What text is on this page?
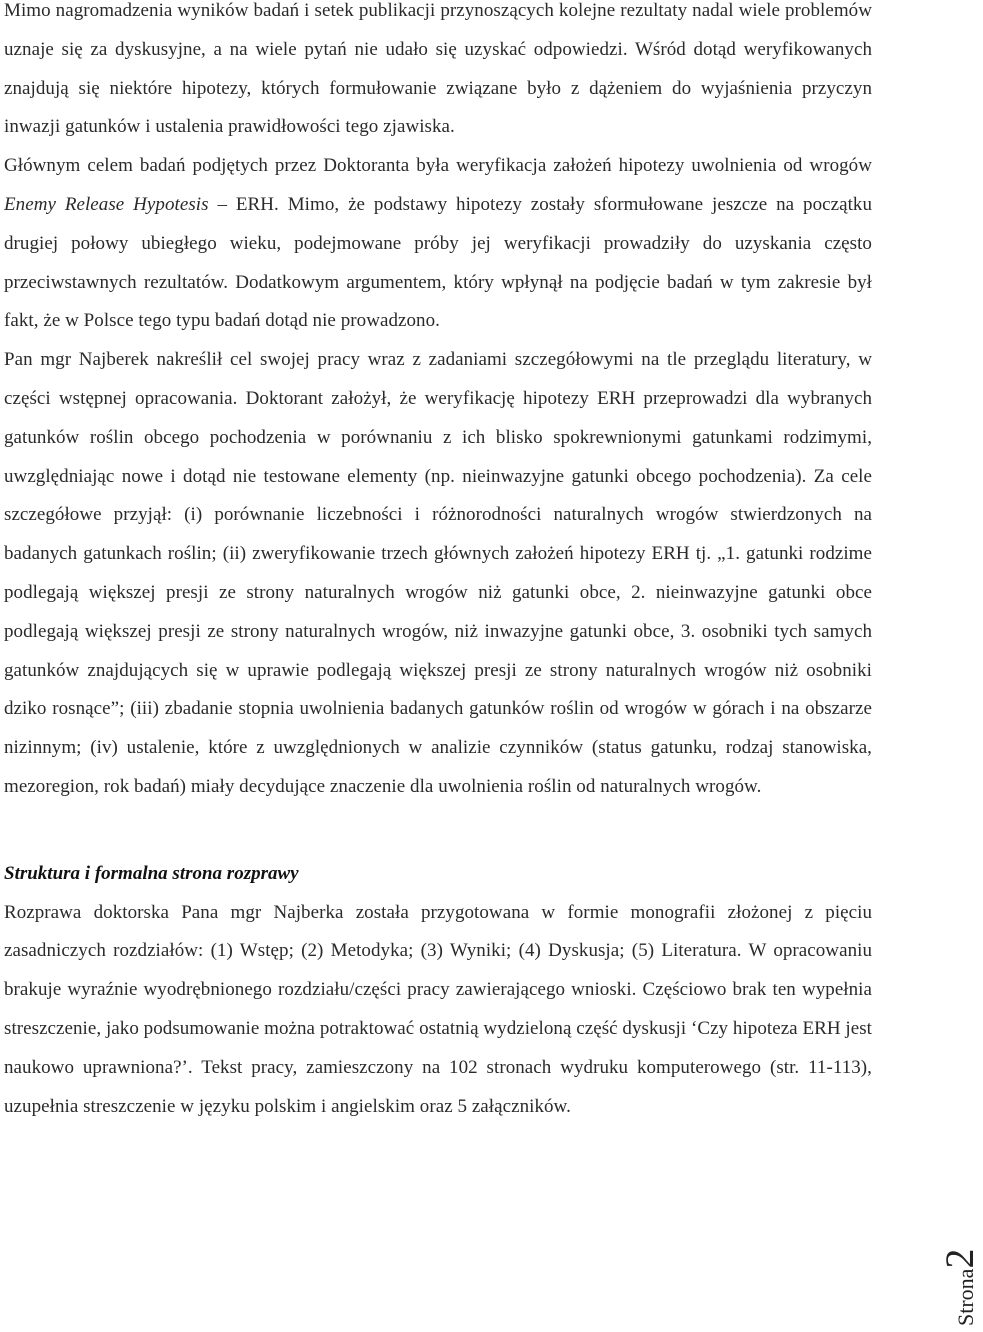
Mimo nagromadzenia wyników badań i setek publikacji przynoszących kolejne rezultaty nadal wiele problemów uznaje się za dyskusyjne, a na wiele pytań nie udało się uzyskać odpowiedzi. Wśród dotąd weryfikowanych znajdują się niektóre hipotezy, których formułowanie związane było z dążeniem do wyjaśnienia przyczyn inwazji gatunków i ustalenia prawidłowości tego zjawiska.

Głównym celem badań podjętych przez Doktoranta była weryfikacja założeń hipotezy uwolnienia od wrogów Enemy Release Hypotesis – ERH. Mimo, że podstawy hipotezy zostały sformułowane jeszcze na początku drugiej połowy ubiegłego wieku, podejmowane próby jej weryfikacji prowadziły do uzyskania często przeciwstawnych rezultatów. Dodatkowym argumentem, który wpłynął na podjęcie badań w tym zakresie był fakt, że w Polsce tego typu badań dotąd nie prowadzono.

Pan mgr Najberek nakreślił cel swojej pracy wraz z zadaniami szczegółowymi na tle przeglądu literatury, w części wstępnej opracowania. Doktorant założył, że weryfikację hipotezy ERH przeprowadzi dla wybranych gatunków roślin obcego pochodzenia w porównaniu z ich blisko spokrewnionymi gatunkami rodzimymi, uwzględniając nowe i dotąd nie testowane elementy (np. nieinwazyjne gatunki obcego pochodzenia). Za cele szczegółowe przyjął: (i) porównanie liczebności i różnorodności naturalnych wrogów stwierdzonych na badanych gatunkach roślin; (ii) zweryfikowanie trzech głównych założeń hipotezy ERH tj. „1. gatunki rodzime podlegają większej presji ze strony naturalnych wrogów niż gatunki obce, 2. nieinwazyjne gatunki obce podlegają większej presji ze strony naturalnych wrogów, niż inwazyjne gatunki obce, 3. osobniki tych samych gatunków znajdujących się w uprawie podlegają większej presji ze strony naturalnych wrogów niż osobniki dziko rosnące”; (iii) zbadanie stopnia uwolnienia badanych gatunków roślin od wrogów w górach i na obszarze nizinnym; (iv) ustalenie, które z uwzględnionych w analizie czynników (status gatunku, rodzaj stanowiska, mezoregion, rok badań) miały decydujące znaczenie dla uwolnienia roślin od naturalnych wrogów.

Struktura i formalna strona rozprawy

Rozprawa doktorska Pana mgr Najberka została przygotowana w formie monografii złożonej z pięciu zasadniczych rozdziałów: (1) Wstęp; (2) Metodyka; (3) Wyniki; (4) Dyskusja; (5) Literatura. W opracowaniu brakuje wyraźnie wyodrębnionego rozdziału/części pracy zawierającego wnioski. Częściowo brak ten wypełnia streszczenie, jako podsumowanie można potraktować ostatnią wydzieloną część dyskusji ‘Czy hipoteza ERH jest naukowo uprawniona?’. Tekst pracy, zamieszczony na 102 stronach wydruku komputerowego (str. 11-113), uzupełnia streszczenie w języku polskim i angielskim oraz 5 załączników.

Strona2
